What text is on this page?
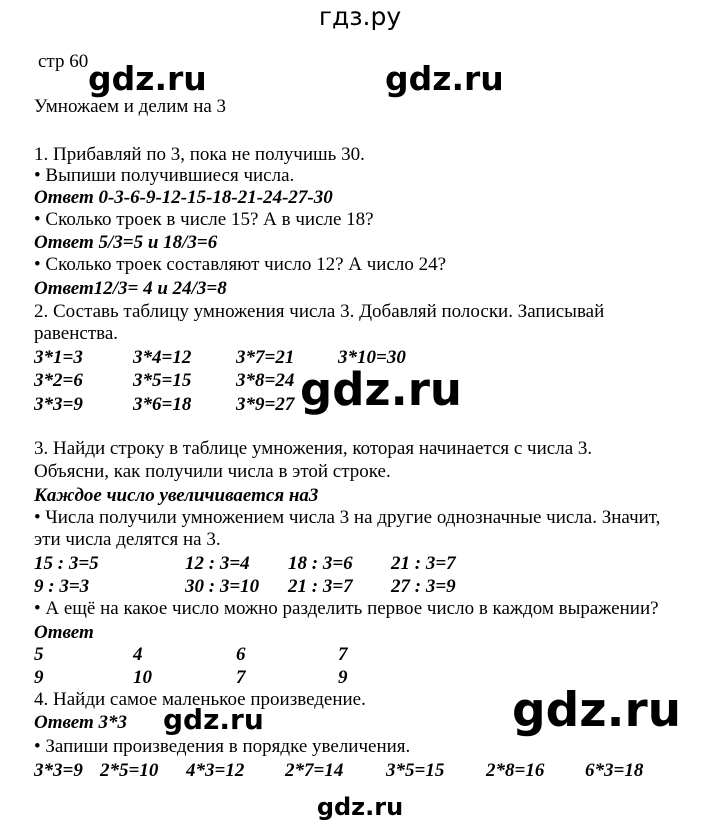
гдз.ру
gdz.ru	gdz.ru
стр 60
Умножаем и делим на 3
1. Прибавляй по 3, пока не получишь 30.
• Выпиши получившиеся числа.
Ответ 0-3-6-9-12-15-18-21-24-27-30
• Сколько троек в числе 15? А в числе 18?
Ответ 5/3=5 и 18/3=6
• Сколько троек составляют число 12? А число 24?
Ответ12/3= 4 и 24/3=8
2. Составь таблицу умножения числа 3. Добавляй полоски. Записывай
равенства.
3*1=3	3*4=12 3*7=21 3*10=30
3*2=6	3*5=15 3*8=24
3*3=9	3*6=18 3*9=27 gdz.ru
3. Найди строку в таблице умножения, которая начинается с числа 3.
Объясни, как получили числа в этой строке.
Каждое число увеличивается на3
• Числа получили умножением числа 3 на другие однозначные числа. Значит,
эти числа делятся на 3.
15 : 3=5	12 : 3=4 18 : 3=6 21 : 3=7
9 : 3=3	30 : 3=10 21 : 3=7 27 : 3=9
• А ещё на какое число можно разделить первое число в каждом выражении?
Ответ
5	4	6	7
9	10	7	9
4. Найди самое маленькое произведение.
Ответ 3*3 gdz.ru	gdz.ru
• Запиши произведения в порядке увеличения.
3*3=9 2*5=10 4*3=12 2*7=14 3*5=15 2*8=16 6*3=18
gdz.ru
